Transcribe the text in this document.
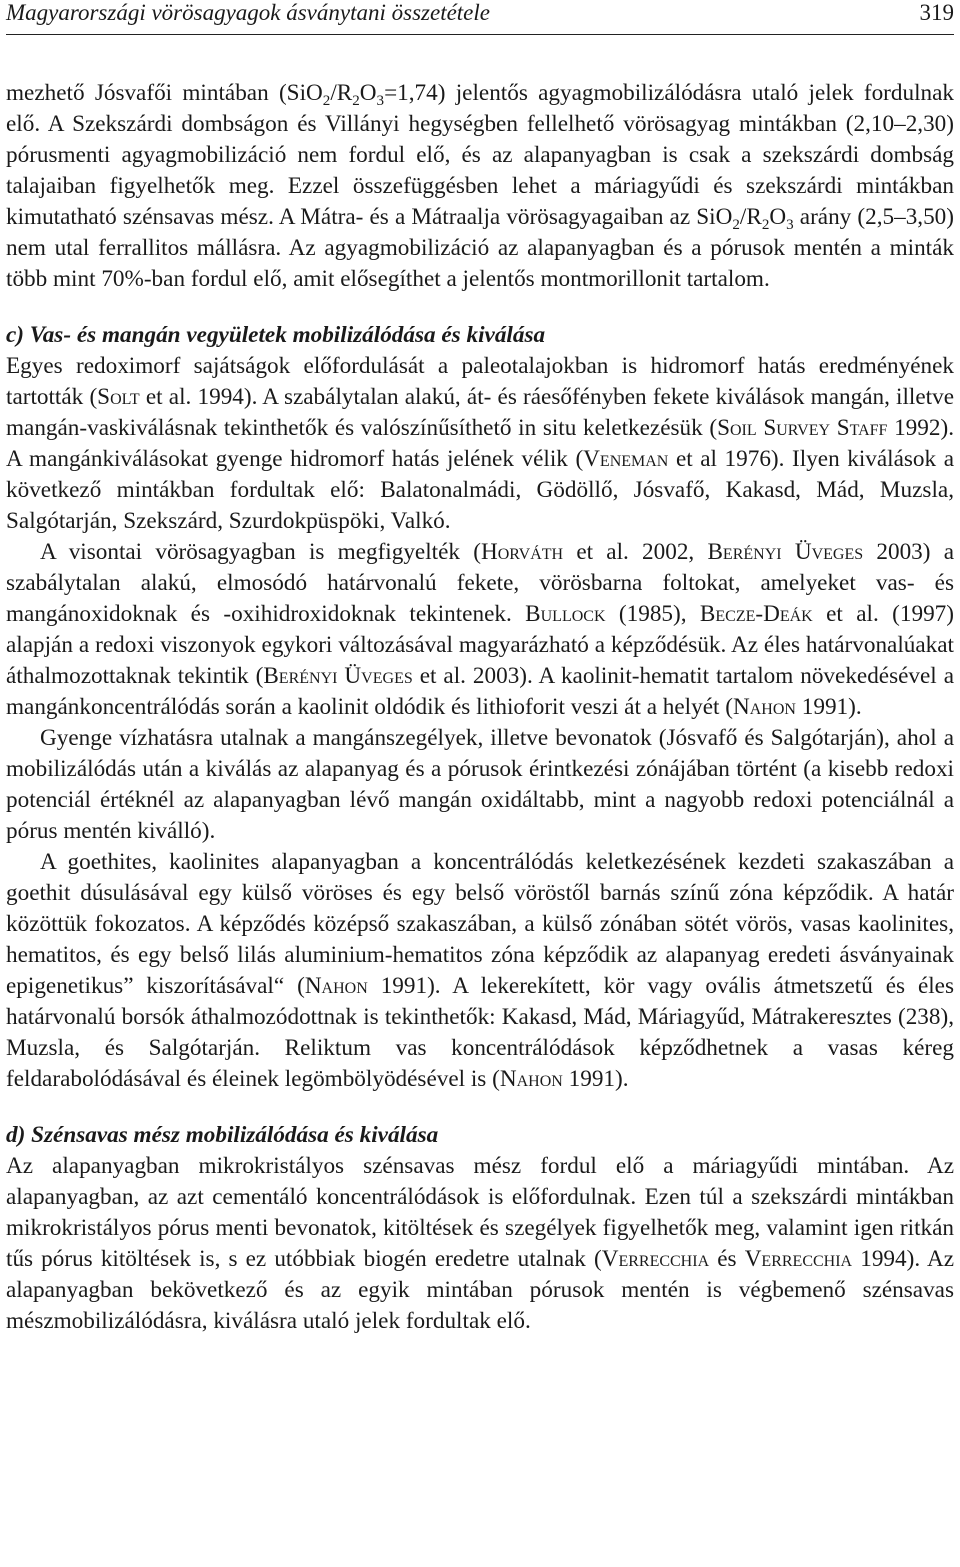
Magyarországi vörösagyagok ásványtani összetétele	319

mezhető Jósvafői mintában $(SiO_2/R_2O_3=1,74)$ jelentős agyagmobilizálódásra utaló jelek fordulnak elő. A Szekszárdi dombságon és Villányi hegységben fellelhető vörösagyag mintákban (2,10–2,30) pórusmenti agyagmobilizáció nem fordul elő, és az alapanyagban is csak a szekszárdi dombság talajaiban figyelhetők meg. Ezzel összefüggésben lehet a máriagyűdi és szekszárdi mintákban kimutatható szénsavas mész. A Mátra- és a Mátraalja vörösagyagaiban az $SiO_2/R_2O_3$ arány (2,5–3,50) nem utal ferrallitos mállásra. Az agyagmobilizáció az alapanyagban és a pórusok mentén a minták több mint 70%-ban fordul elő, amit elősegíthet a jelentős montmorillonit tartalom.

c) Vas- és mangán vegyületek mobilizálódása és kiválása

Egyes redoximorf sajátságok előfordulását a paleotalajokban is hidromorf hatás eredményének tartották (Solt et al. 1994). A szabálytalan alakú, át- és ráesőfényben fekete kiválások mangán, illetve mangán-vaskiválásnak tekinthetők és valószínűsíthető in situ keletkezésük (Soil Survey Staff 1992). A mangánkiválásokat gyenge hidromorf hatás jelének vélik (Veneman et al 1976). Ilyen kiválások a következő mintákban fordultak elő: Balatonalmádi, Gödöllő, Jósvafő, Kakasd, Mád, Muzsla, Salgótarján, Szekszárd, Szurdokpüspöki, Valkó.

A visontai vörösagyagban is megfigyelték (Horváth et al. 2002, Berényi Üveges 2003) a szabálytalan alakú, elmosódó határvonalú fekete, vörösbarna foltokat, amelyeket vas- és mangánoxidoknak és -oxihidroxidoknak tekintenek. Bullock (1985), Becze-Deák et al. (1997) alapján a redoxi viszonyok egykori változásával magyarázható a képződésük. Az éles határvonalúakat áthalmozottaknak tekintik (Berényi Üveges et al. 2003). A kaolinit-hematit tartalom növekedésével a mangánkoncentrálódás során a kaolinit oldódik és lithioforit veszi át a helyét (Nahon 1991).

Gyenge vízhatásra utalnak a mangánszegélyek, illetve bevonatok (Jósvafő és Salgótarján), ahol a mobilizálódás után a kiválás az alapanyag és a pórusok érintkezési zónájában történt (a kisebb redoxi potenciál értéknél az alapanyagban lévő mangán oxidáltabb, mint a nagyobb redoxi potenciálnál a pórus mentén kiválló).

A goethites, kaolinites alapanyagban a koncentrálódás keletkezésének kezdeti szakaszában a goethit dúsulásával egy külső vöröses és egy belső vöröstől barnás színű zóna képződik. A határ közöttük fokozatos. A képződés középső szakaszában, a külső zónában sötét vörös, vasas kaolinites, hematitos, és egy belső lilás aluminium-hematitos zóna képződik az alapanyag eredeti ásványainak epigenetikus” kiszorításával“ (Nahon 1991). A lekerekített, kör vagy ovális átmetszetű és éles határvonalú borsók áthalmozódottnak is tekinthetők: Kakasd, Mád, Máriagyűd, Mátrakeresztes (238), Muzsla, és Salgótarján. Reliktum vas koncentrálódások képződhetnek a vasas kéreg feldarabolódásával és éleinek legömbölyödésével is (Nahon 1991).

d) Szénsavas mész mobilizálódása és kiválása

Az alapanyagban mikrokristályos szénsavas mész fordul elő a máriagyűdi mintában. Az alapanyagban, az azt cementáló koncentrálódások is előfordulnak. Ezen túl a szekszárdi mintákban mikrokristályos pórus menti bevonatok, kitöltések és szegélyek figyelhetők meg, valamint igen ritkán tűs pórus kitöltések is, s ez utóbbiak biogén eredetre utalnak (Verrecchia és Verrecchia 1994). Az alapanyagban bekövetkező és az egyik mintában pórusok mentén is végbemenő szénsavas mészmobilizálódásra, kiválásra utaló jelek fordultak elő.
